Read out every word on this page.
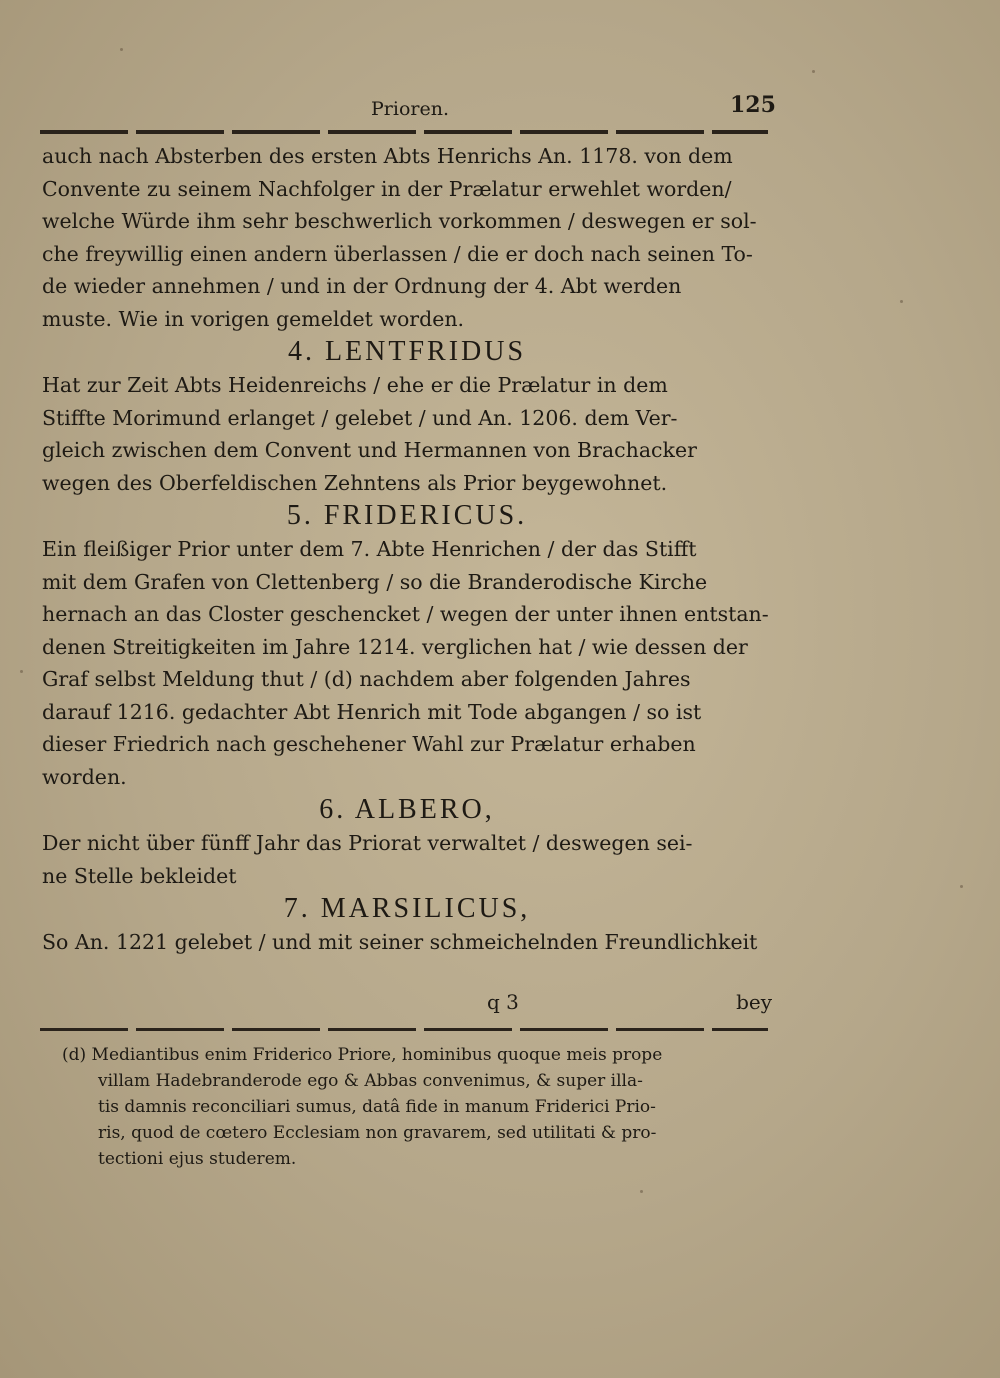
Prioren.	125
auch nach Absterben des ersten Abts Henrichs An. 1178. von dem
Convente zu seinem Nachfolger in der Prælatur erwehlet worden/
welche Würde ihm sehr beschwerlich vorkommen / deswegen er sol-
che freywillig einen andern überlassen / die er doch nach seinen To-
de wieder annehmen / und in der Ordnung der 4. Abt werden
muste. Wie in vorigen gemeldet worden.
4. LENTFRIDUS
Hat zur Zeit Abts Heidenreichs / ehe er die Prælatur in dem
Stiffte Morimund erlanget / gelebet / und An. 1206. dem Ver-
gleich zwischen dem Convent und Hermannen von Brachacker
wegen des Oberfeldischen Zehntens als Prior beygewohnet.
5. FRIDERICUS.
Ein fleißiger Prior unter dem 7. Abte Henrichen / der das Stifft
mit dem Grafen von Clettenberg / so die Branderodische Kirche
hernach an das Closter geschencket / wegen der unter ihnen entstan-
denen Streitigkeiten im Jahre 1214. verglichen hat / wie dessen der
Graf selbst Meldung thut / (d) nachdem aber folgenden Jahres
darauf 1216. gedachter Abt Henrich mit Tode abgangen / so ist
dieser Friedrich nach geschehener Wahl zur Prælatur erhaben
worden.
6. ALBERO,
Der nicht über fünff Jahr das Priorat verwaltet / deswegen sei-
ne Stelle bekleidet
7. MARSILICUS,
So An. 1221 gelebet / und mit seiner schmeichelnden Freundlichkeit
q 3	bey
(d) Mediantibus enim Friderico Priore, hominibus quoque meis prope
villam Hadebranderode ego & Abbas convenimus, & super illa-
tis damnis reconciliari sumus, datâ fide in manum Friderici Prio-
ris, quod de cœtero Ecclesiam non gravarem, sed utilitati & pro-
tectioni ejus studerem.
